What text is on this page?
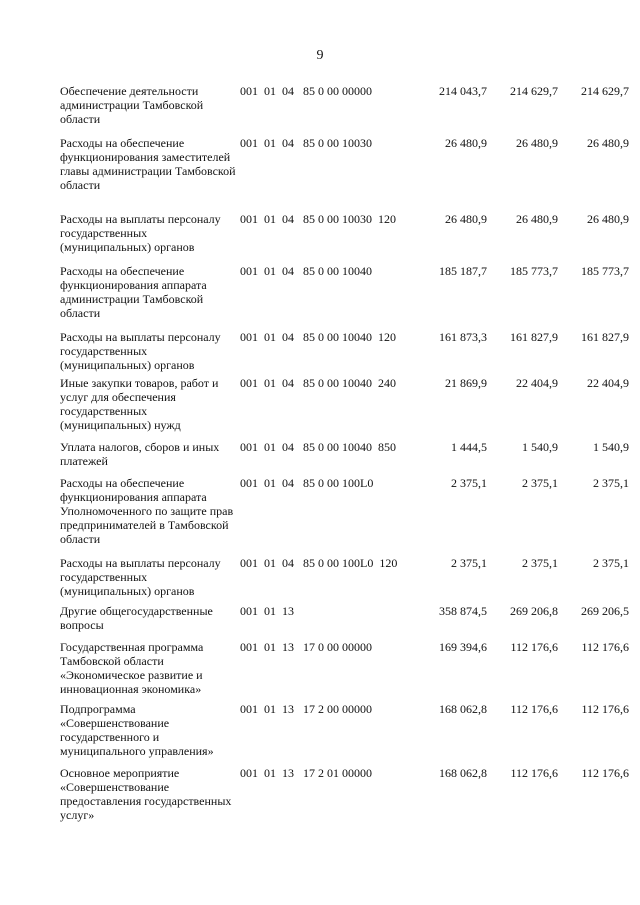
9
Обеспечение деятельности администрации Тамбовской области
001  01  04   85 0 00 00000	214 043,7	214 629,7	214 629,7
Расходы на обеспечение функционирования заместителей главы администрации Тамбовской области
001  01  04   85 0 00 10030	26 480,9	26 480,9	26 480,9
Расходы на выплаты персоналу государственных (муниципальных) органов
001  01  04   85 0 00 10030  120	26 480,9	26 480,9	26 480,9
Расходы на обеспечение функционирования аппарата администрации Тамбовской области
001  01  04   85 0 00 10040	185 187,7	185 773,7	185 773,7
Расходы на выплаты персоналу государственных (муниципальных) органов
001  01  04   85 0 00 10040  120	161 873,3	161 827,9	161 827,9
Иные закупки товаров, работ и услуг для обеспечения государственных (муниципальных) нужд
001  01  04   85 0 00 10040  240	21 869,9	22 404,9	22 404,9
Уплата налогов, сборов и иных платежей
001  01  04   85 0 00 10040  850	1 444,5	1 540,9	1 540,9
Расходы на обеспечение функционирования аппарата Уполномоченного по защите прав предпринимателей в Тамбовской области
001  01  04   85 0 00 100L0	2 375,1	2 375,1	2 375,1
Расходы на выплаты персоналу государственных (муниципальных) органов
001  01  04   85 0 00 100L0  120	2 375,1	2 375,1	2 375,1
Другие общегосударственные вопросы
001  01  13	358 874,5	269 206,8	269 206,5
Государственная программа Тамбовской области «Экономическое развитие и инновационная экономика»
001  01  13   17 0 00 00000	169 394,6	112 176,6	112 176,6
Подпрограмма «Совершенствование государственного и муниципального управления»
001  01  13   17 2 00 00000	168 062,8	112 176,6	112 176,6
Основное мероприятие «Совершенствование предоставления государственных услуг»
001  01  13   17 2 01 00000	168 062,8	112 176,6	112 176,6
